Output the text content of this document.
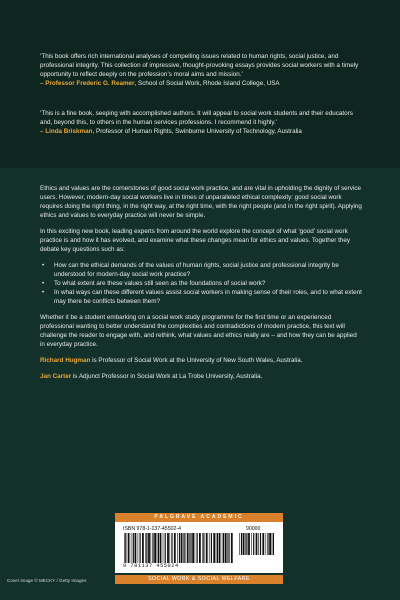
‘This book offers rich international analyses of compelling issues related to human rights, social justice, and professional integrity. This collection of impressive, thought-provoking essays provides social workers with a timely opportunity to reflect deeply on the profession’s moral aims and mission.’
– Professor Frederic G. Reamer, School of Social Work, Rhode Island College, USA
‘This is a fine book, seeping with accomplished authors. It will appeal to social work students and their educators and, beyond this, to others in the human services professions. I recommend it highly.’
– Linda Briskman, Professor of Human Rights, Swinburne University of Technology, Australia

Ethics and values are the cornerstones of good social work practice, and are vital in upholding the dignity of service users. However, modern-day social workers live in times of unparalleled ethical complexity: good social work requires doing the right thing, in the right way, at the right time, with the right people (and in the right spirit). Applying ethics and values to everyday practice will never be simple.

In this exciting new book, leading experts from around the world explore the concept of what ‘good’ social work practice is and how it has evolved, and examine what these changes mean for ethics and values. Together they debate key questions such as:

• How can the ethical demands of the values of human rights, social justice and professional integrity be understood for modern-day social work practice?
• To what extent are these values still seen as the foundations of social work?
• In what ways can these different values assist social workers in making sense of their roles, and to what extent may there be conflicts between them?

Whether it be a student embarking on a social work study programme for the first time or an experienced professional wanting to better understand the complexities and contradictions of modern practice, this text will challenge the reader to engage with, and rethink, what values and ethics really are – and how they can be applied in everyday practice.

Richard Hugman is Professor of Social Work at the University of New South Wales, Australia.

Jan Carter is Adjunct Professor in Social Work at La Trobe University, Australia.

PALGRAVE ACADEMIC
ISBN 978-1-137-45502-4	90000
9 781137 455024
SOCIAL WORK & SOCIAL WELFARE
Cover image © MECKY / Getty Images
